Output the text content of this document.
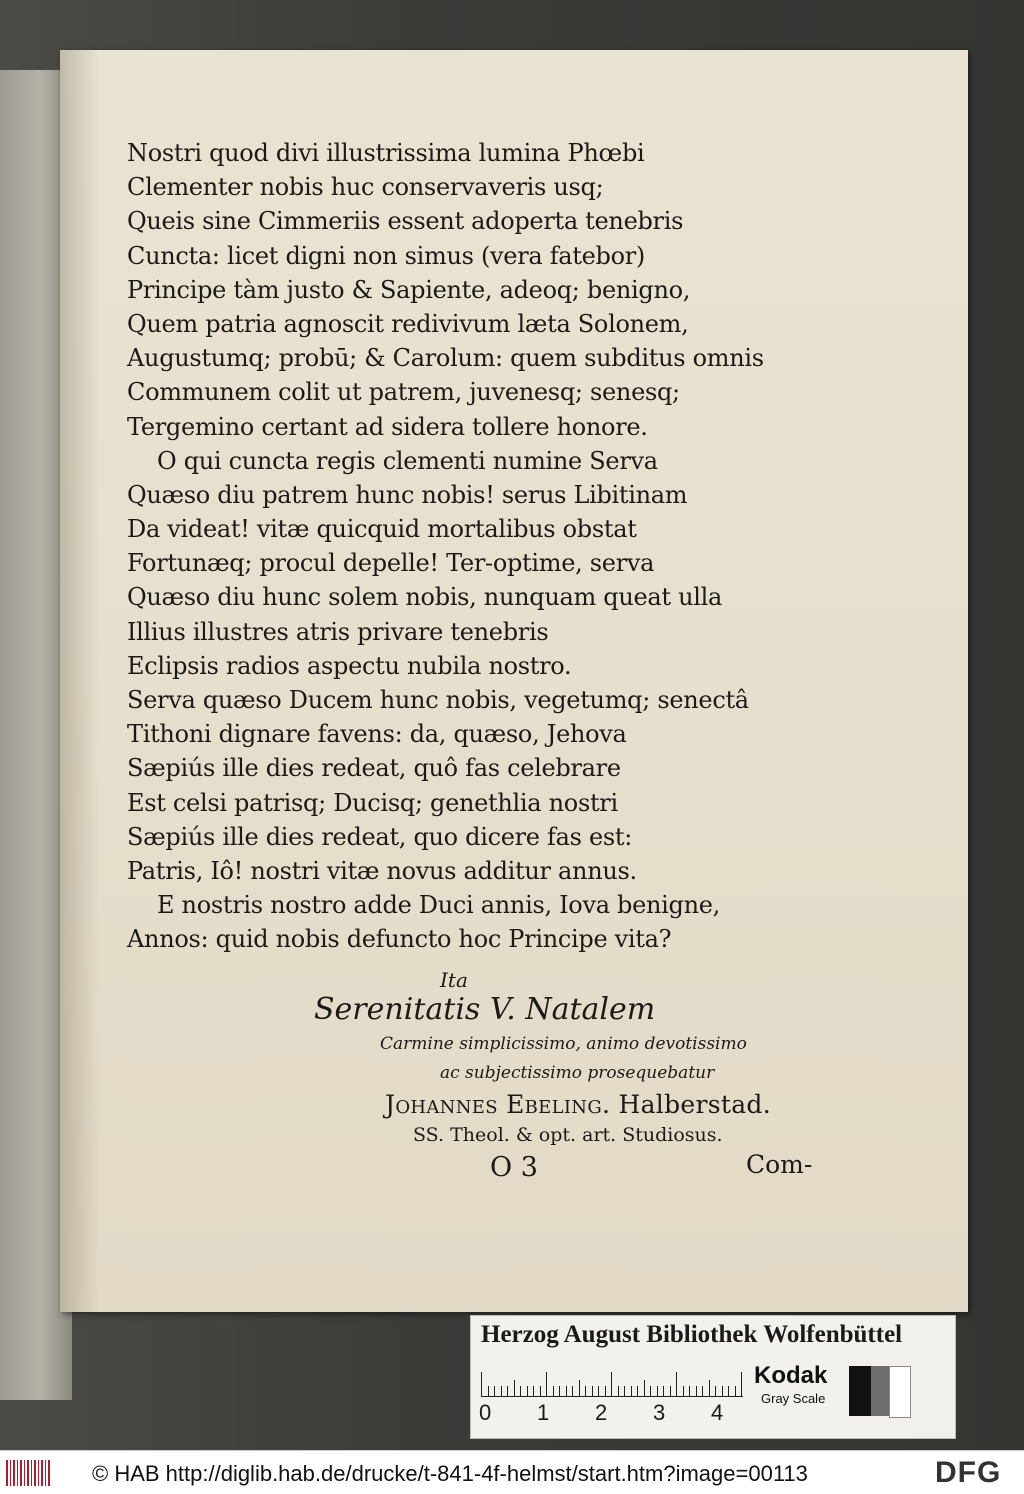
Nostri quod divi illustrissima lumina Phœbi
Clementer nobis huc conservaveris usq;
Queis sine Cimmeriis essent adoperta tenebris
Cuncta: licet digni non simus (vera fatebor)
Principe tàm justo & Sapiente, adeoq; benigno,
Quem patria agnoscit redivivum læta Solonem,
Augustumq; probū; & Carolum: quem subditus omnis
Communem colit ut patrem, juvenesq; senesq;
Tergemino certant ad sidera tollere honore.
O qui cuncta regis clementi numine Serva
Quæso diu patrem hunc nobis! serus Libitinam
Da videat! vitæ quicquid mortalibus obstat
Fortunæq; procul depelle! Ter-optime, serva
Quæso diu hunc solem nobis, nunquam queat ulla
Illius illustres atris privare tenebris
Eclipsis radios aspectu nubila nostro.
Serva quæso Ducem hunc nobis, vegetumq; senectâ
Tithoni dignare favens: da, quæso, Jehova
Sæpiús ille dies redeat, quô fas celebrare
Est celsi patrisq; Ducisq; genethlia nostri
Sæpiús ille dies redeat, quo dicere fas est:
Patris, Iô! nostri vitæ novus additur annus.
E nostris nostro adde Duci annis, Iova benigne,
Annos: quid nobis defuncto hoc Principe vita?
Ita
Serenitatis V. Natalem
Carmine simplicissimo, animo devotissimo
ac subjectissimo prosequebatur
Johannes Ebeling. Halberstad.
SS. Theol. & opt. art. Studiosus.
O 3	Com-
Herzog August Bibliothek Wolfenbüttel
0 1 2 3 4
Kodak
Gray Scale
© HAB http://diglib.hab.de/drucke/t-841-4f-helmst/start.htm?image=00113	DFG
